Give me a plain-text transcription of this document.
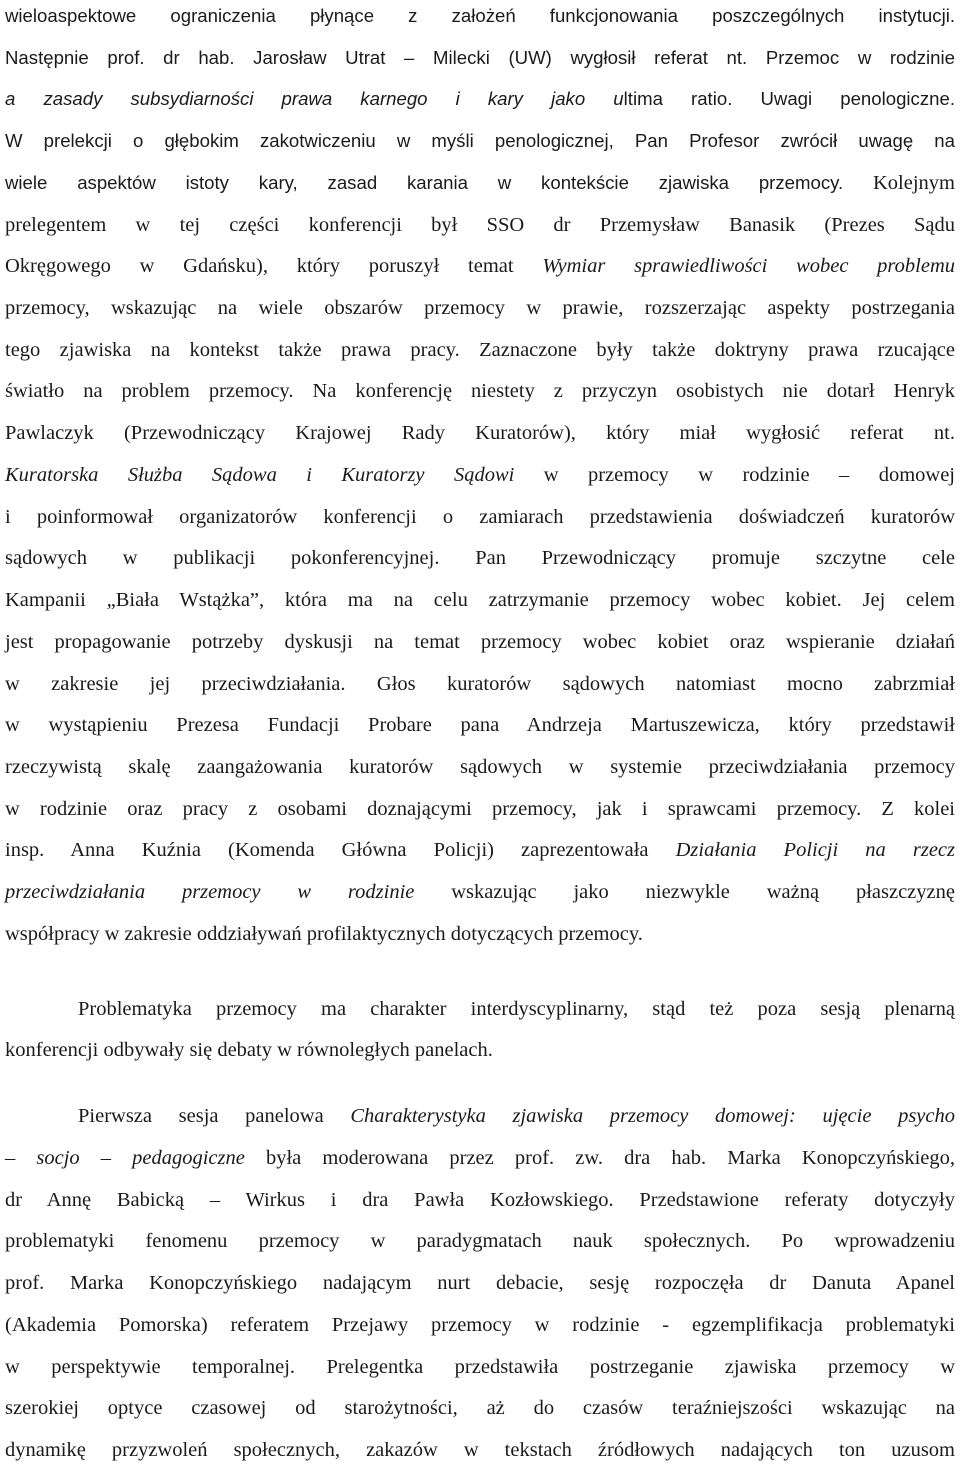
wieloaspektowe ograniczenia płynące z założeń funkcjonowania poszczególnych instytucji.
Następnie prof. dr hab. Jarosław Utrat – Milecki (UW) wygłosił referat nt. Przemoc w rodzinie
a zasady subsydiarności prawa karnego i kary jako ultima ratio. Uwagi penologiczne.
W prelekcji o głębokim zakotwiczeniu w myśli penologicznej, Pan Profesor zwrócił uwagę na
wiele aspektów istoty kary, zasad karania w kontekście zjawiska przemocy. Kolejnym
prelegentem w tej części konferencji był SSO dr Przemysław Banasik (Prezes Sądu
Okręgowego w Gdańsku), który poruszył temat Wymiar sprawiedliwości wobec problemu
przemocy, wskazując na wiele obszarów przemocy w prawie, rozszerzając aspekty postrzegania
tego zjawiska na kontekst także prawa pracy. Zaznaczone były także doktryny prawa rzucające
światło na problem przemocy. Na konferencję niestety z przyczyn osobistych nie dotarł Henryk
Pawlaczyk (Przewodniczący Krajowej Rady Kuratorów), który miał wygłosić referat nt.
Kuratorska Służba Sądowa i Kuratorzy Sądowi w przemocy w rodzinie – domowej
i poinformował organizatorów konferencji o zamiarach przedstawienia doświadczeń kuratorów
sądowych w publikacji pokonferencyjnej. Pan Przewodniczący promuje szczytne cele
Kampanii „Biała Wstążka”, która ma na celu zatrzymanie przemocy wobec kobiet. Jej celem
jest propagowanie potrzeby dyskusji na temat przemocy wobec kobiet oraz wspieranie działań
w zakresie jej przeciwdziałania. Głos kuratorów sądowych natomiast mocno zabrzmiał
w wystąpieniu Prezesa Fundacji Probare pana Andrzeja Martuszewicza, który przedstawił
rzeczywistą skalę zaangażowania kuratorów sądowych w systemie przeciwdziałania przemocy
w rodzinie oraz pracy z osobami doznającymi przemocy, jak i sprawcami przemocy. Z kolei
insp. Anna Kuźnia (Komenda Główna Policji) zaprezentowała Działania Policji na rzecz
przeciwdziałania przemocy w rodzinie wskazując jako niezwykle ważną płaszczyznę
współpracy w zakresie oddziaływań profilaktycznych dotyczących przemocy.
Problematyka przemocy ma charakter interdyscyplinarny, stąd też poza sesją plenarną
konferencji odbywały się debaty w równoległych panelach.
Pierwsza sesja panelowa Charakterystyka zjawiska przemocy domowej: ujęcie psycho
– socjo – pedagogiczne była moderowana przez prof. zw. dra hab. Marka Konopczyńskiego,
dr Annę Babicką – Wirkus i dra Pawła Kozłowskiego. Przedstawione referaty dotyczyły
problematyki fenomenu przemocy w paradygmatach nauk społecznych. Po wprowadzeniu
prof. Marka Konopczyńskiego nadającym nurt debacie, sesję rozpoczęła dr Danuta Apanel
(Akademia Pomorska) referatem Przejawy przemocy w rodzinie - egzemplifikacja problematyki
w perspektywie temporalnej. Prelegentka przedstawiła postrzeganie zjawiska przemocy w
szerokiej optyce czasowej od starożytności, aż do czasów teraźniejszości wskazując na
dynamikę przyzwoleń społecznych, zakazów w tekstach źródłowych nadających ton uzusom
